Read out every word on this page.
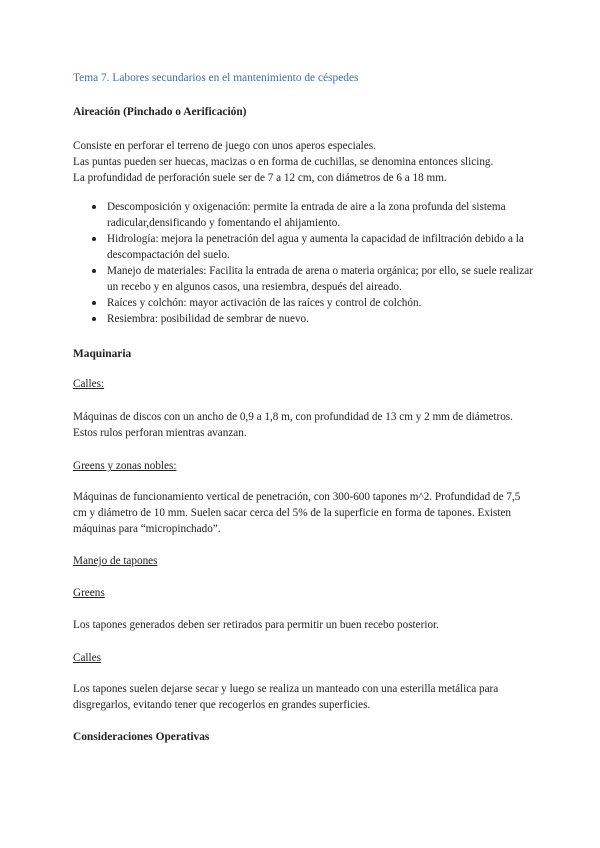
Tema 7. Labores secundarios en el mantenimiento de céspedes

Aireación (Pinchado o Aerificación)

Consiste en perforar el terreno de juego con unos aperos especiales.
Las puntas pueden ser huecas, macizas o en forma de cuchillas, se denomina entonces slicing.
La profundidad de perforación suele ser de 7 a 12 cm, con diámetros de 6 a 18 mm.

Descomposición y oxigenación: permite la entrada de aire a la zona profunda del sistema radicular,densificando y fomentando el ahijamiento.
Hidrología: mejora la penetración del agua y aumenta la capacidad de infiltración debido a la descompactación del suelo.
Manejo de materiales: Facilita la entrada de arena o materia orgánica; por ello, se suele realizar un recebo y en algunos casos, una resiembra, después del aireado.
Raíces y colchón: mayor activación de las raíces y control de colchón.
Resiembra: posibilidad de sembrar de nuevo.

Maquinaria

Calles:

Máquinas de discos con un ancho de 0,9 a 1,8 m, con profundidad de 13 cm y 2 mm de diámetros. Estos rulos perforan mientras avanzan.

Greens y zonas nobles:

Máquinas de funcionamiento vertical de penetración, con 300-600 tapones m^2. Profundidad de 7,5 cm y diámetro de 10 mm. Suelen sacar cerca del 5% de la superficie en forma de tapones. Existen máquinas para “micropinchado”.

Manejo de tapones

Greens

Los tapones generados deben ser retirados para permitir un buen recebo posterior.

Calles

Los tapones suelen dejarse secar y luego se realiza un manteado con una esterilla metálica para disgregarlos, evitando tener que recogerlos en grandes superficies.

Consideraciones Operativas
